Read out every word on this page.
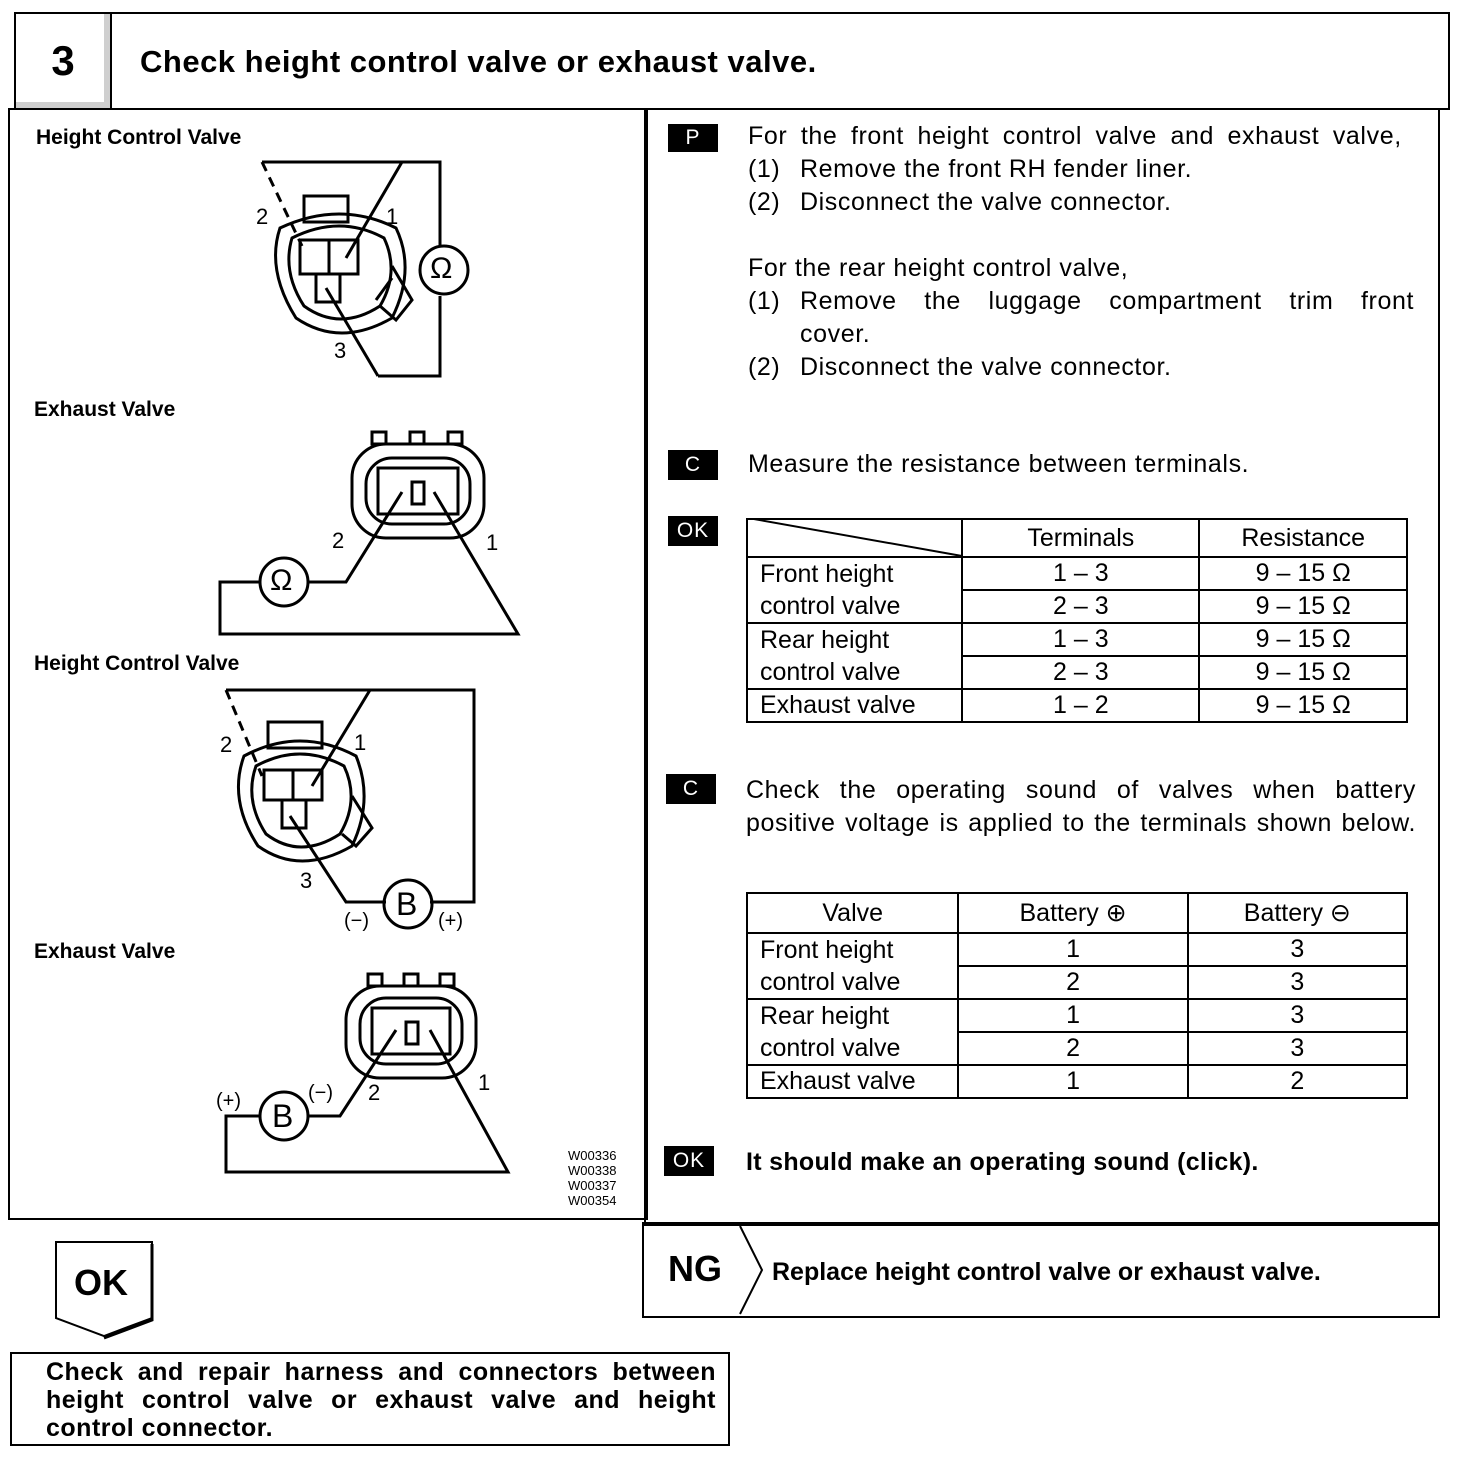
3	Check height control valve or exhaust valve.
Height Control Valve
Exhaust Valve
Height Control Valve
Exhaust Valve
Ω
Ω
B
B
2	1
3
2	1
2	1
3
2	1
(−)	(+)
(+)	(−)
W00336
W00338
W00337
W00354
P
C
OK
C
OK
For the front height control valve and exhaust valve,
(1) Remove the front RH fender liner.
(2) Disconnect the valve connector.
For the rear height control valve,
(1) Remove the luggage compartment trim front cover.
(2) Disconnect the valve connector.
Measure the resistance between terminals.
	Terminals	Resistance
Front height	1 – 3	9 – 15 Ω
control valve	2 – 3	9 – 15 Ω
Rear height	1 – 3	9 – 15 Ω
control valve	2 – 3	9 – 15 Ω
Exhaust valve	1 – 2	9 – 15 Ω
Check the operating sound of valves when battery positive voltage is applied to the terminals shown below.
Valve	Battery ⊕	Battery ⊖
Front height	1	3
control valve	2	3
Rear height	1	3
control valve	2	3
Exhaust valve	1	2
It should make an operating sound (click).
NG Replace height control valve or exhaust valve.
OK
Check and repair harness and connectors between height control valve or exhaust valve and height control connector.
